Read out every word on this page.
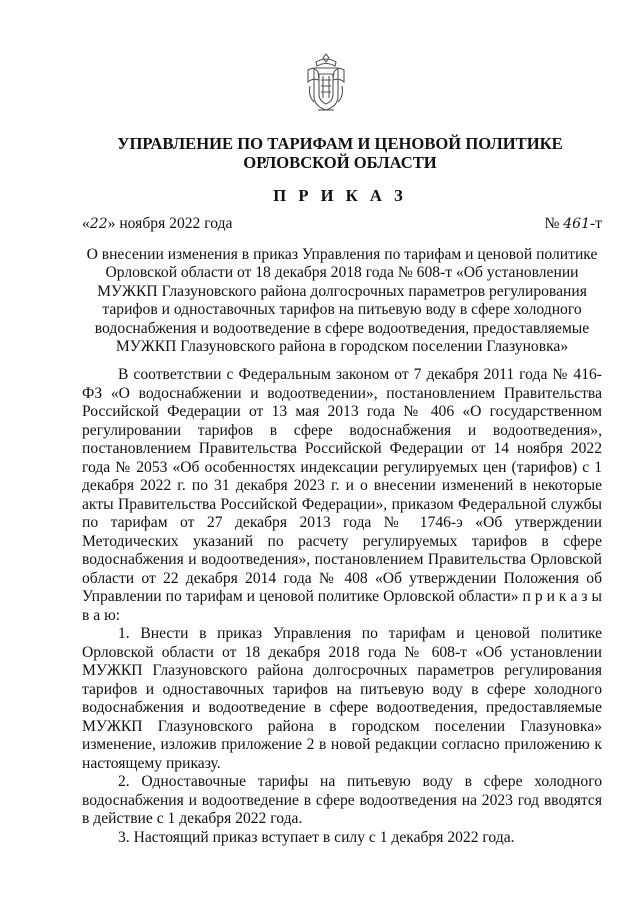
УПРАВЛЕНИЕ ПО ТАРИФАМ И ЦЕНОВОЙ ПОЛИТИКЕ
ОРЛОВСКОЙ ОБЛАСТИ
П Р И К А З
«22» ноября 2022 года	№ 461-т
О внесении изменения в приказ Управления по тарифам и ценовой политике Орловской области от 18 декабря 2018 года № 608-т «Об установлении МУЖКП Глазуновского района долгосрочных параметров регулирования тарифов и одноставочных тарифов на питьевую воду в сфере холодного водоснабжения и водоотведение в сфере водоотведения, предоставляемые МУЖКП Глазуновского района в городском поселении Глазуновка»

В соответствии с Федеральным законом от 7 декабря 2011 года № 416-ФЗ «О водоснабжении и водоотведении», постановлением Правительства Российской Федерации от 13 мая 2013 года № 406 «О государственном регулировании тарифов в сфере водоснабжения и водоотведения», постановлением Правительства Российской Федерации от 14 ноября 2022 года № 2053 «Об особенностях индексации регулируемых цен (тарифов) с 1 декабря 2022 г. по 31 декабря 2023 г. и о внесении изменений в некоторые акты Правительства Российской Федерации», приказом Федеральной службы по тарифам от 27 декабря 2013 года № 1746-э «Об утверждении Методических указаний по расчету регулируемых тарифов в сфере водоснабжения и водоотведения», постановлением Правительства Орловской области от 22 декабря 2014 года № 408 «Об утверждении Положения об Управлении по тарифам и ценовой политике Орловской области» п р и к а з ы в а ю:

1. Внести в приказ Управления по тарифам и ценовой политике Орловской области от 18 декабря 2018 года № 608-т «Об установлении МУЖКП Глазуновского района долгосрочных параметров регулирования тарифов и одноставочных тарифов на питьевую воду в сфере холодного водоснабжения и водоотведение в сфере водоотведения, предоставляемые МУЖКП Глазуновского района в городском поселении Глазуновка» изменение, изложив приложение 2 в новой редакции согласно приложению к настоящему приказу.

2. Одноставочные тарифы на питьевую воду в сфере холодного водоснабжения и водоотведение в сфере водоотведения на 2023 год вводятся в действие с 1 декабря 2022 года.

3. Настоящий приказ вступает в силу с 1 декабря 2022 года.
